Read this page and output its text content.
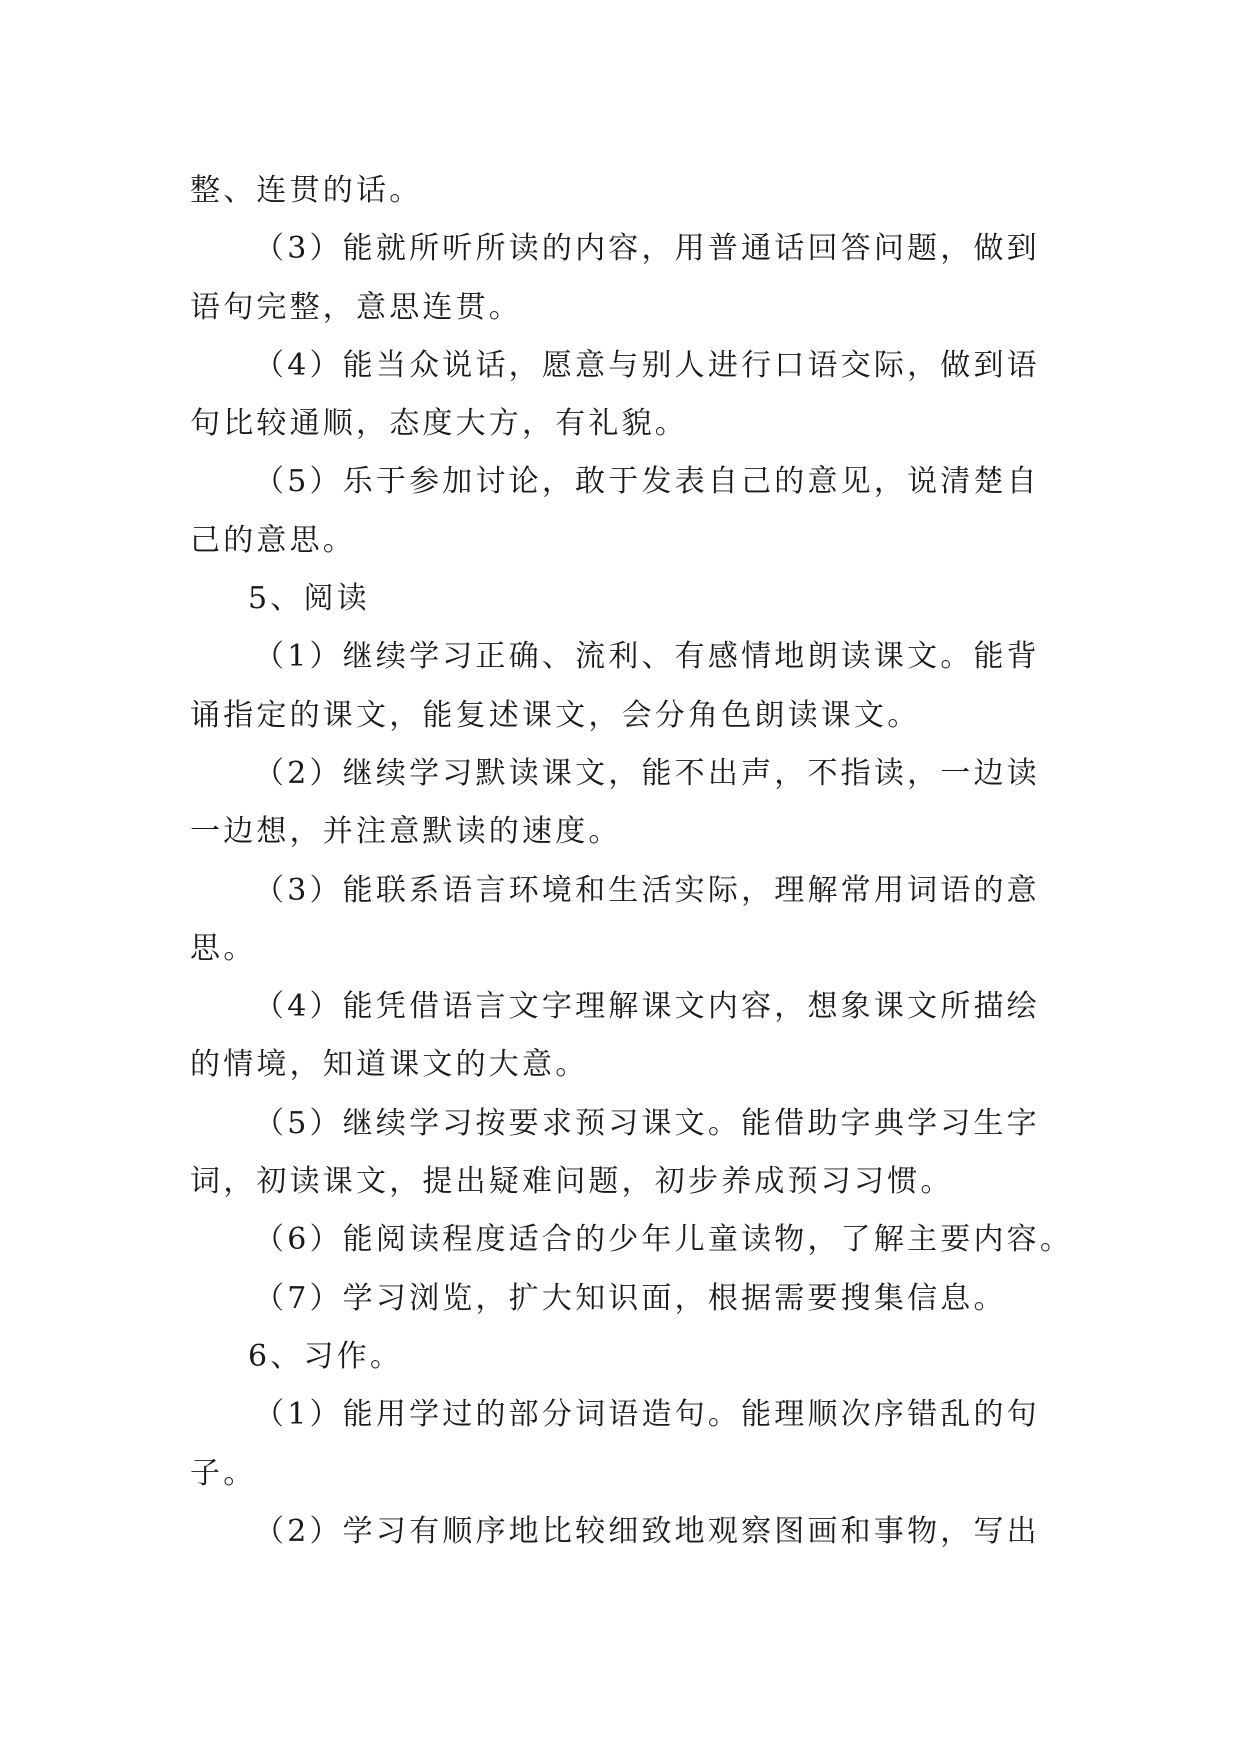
整、连贯的话。
（3）能就所听所读的内容，用普通话回答问题，做到
语句完整，意思连贯。
（4）能当众说话，愿意与别人进行口语交际，做到语
句比较通顺，态度大方，有礼貌。
（5）乐于参加讨论，敢于发表自己的意见，说清楚自
己的意思。
5、阅读
（1）继续学习正确、流利、有感情地朗读课文。能背
诵指定的课文，能复述课文，会分角色朗读课文。
（2）继续学习默读课文，能不出声，不指读，一边读
一边想，并注意默读的速度。
（3）能联系语言环境和生活实际，理解常用词语的意
思。
（4）能凭借语言文字理解课文内容，想象课文所描绘
的情境，知道课文的大意。
（5）继续学习按要求预习课文。能借助字典学习生字
词，初读课文，提出疑难问题，初步养成预习习惯。
（6）能阅读程度适合的少年儿童读物，了解主要内容。
（7）学习浏览，扩大知识面，根据需要搜集信息。
6、习作。
（1）能用学过的部分词语造句。能理顺次序错乱的句
子。
（2）学习有顺序地比较细致地观察图画和事物，写出
